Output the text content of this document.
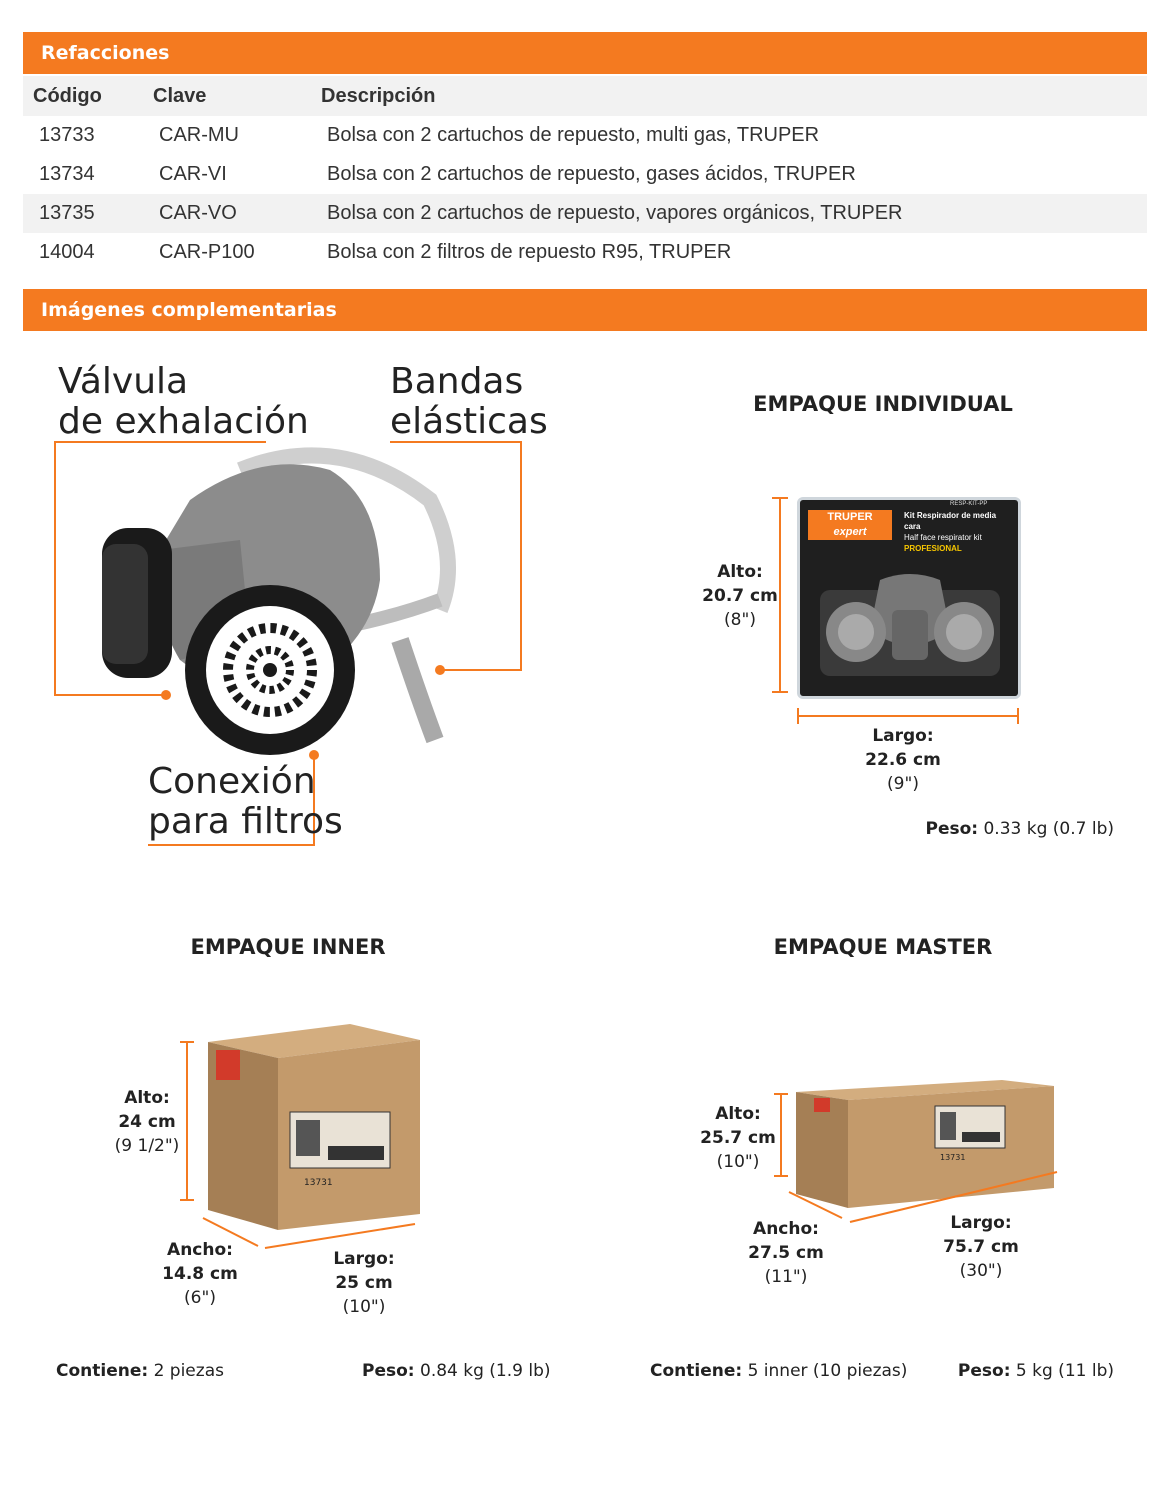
Refacciones
Código	Clave	Descripción
13733	CAR-MU	Bolsa con 2 cartuchos de repuesto, multi gas, TRUPER
13734	CAR-VI	Bolsa con 2 cartuchos de repuesto, gases ácidos, TRUPER
13735	CAR-VO	Bolsa con 2 cartuchos de repuesto, vapores orgánicos, TRUPER
14004	CAR-P100	Bolsa con 2 filtros de repuesto R95, TRUPER
Imágenes complementarias
Válvula
de exhalación
Bandas
elásticas
Conexión
para filtros
EMPAQUE INDIVIDUAL
TRUPER
expert
Kit Respirador de media cara
Half face respirator kit
PROFESIONAL
RESP-KIT-PP
Alto:
20.7 cm
(8")
Largo:
22.6 cm
(9")
Peso: 0.33 kg (0.7 lb)
EMPAQUE INNER
13731
Alto:
24 cm
(9 1/2")
Ancho:
14.8 cm
(6")
Largo:
25 cm
(10")
Contiene: 2 piezas	Peso: 0.84 kg (1.9 lb)
EMPAQUE MASTER
13731
Alto:
25.7 cm
(10")
Ancho:
27.5 cm
(11")
Largo:
75.7 cm
(30")
Contiene: 5 inner (10 piezas)	Peso: 5 kg (11 lb)
